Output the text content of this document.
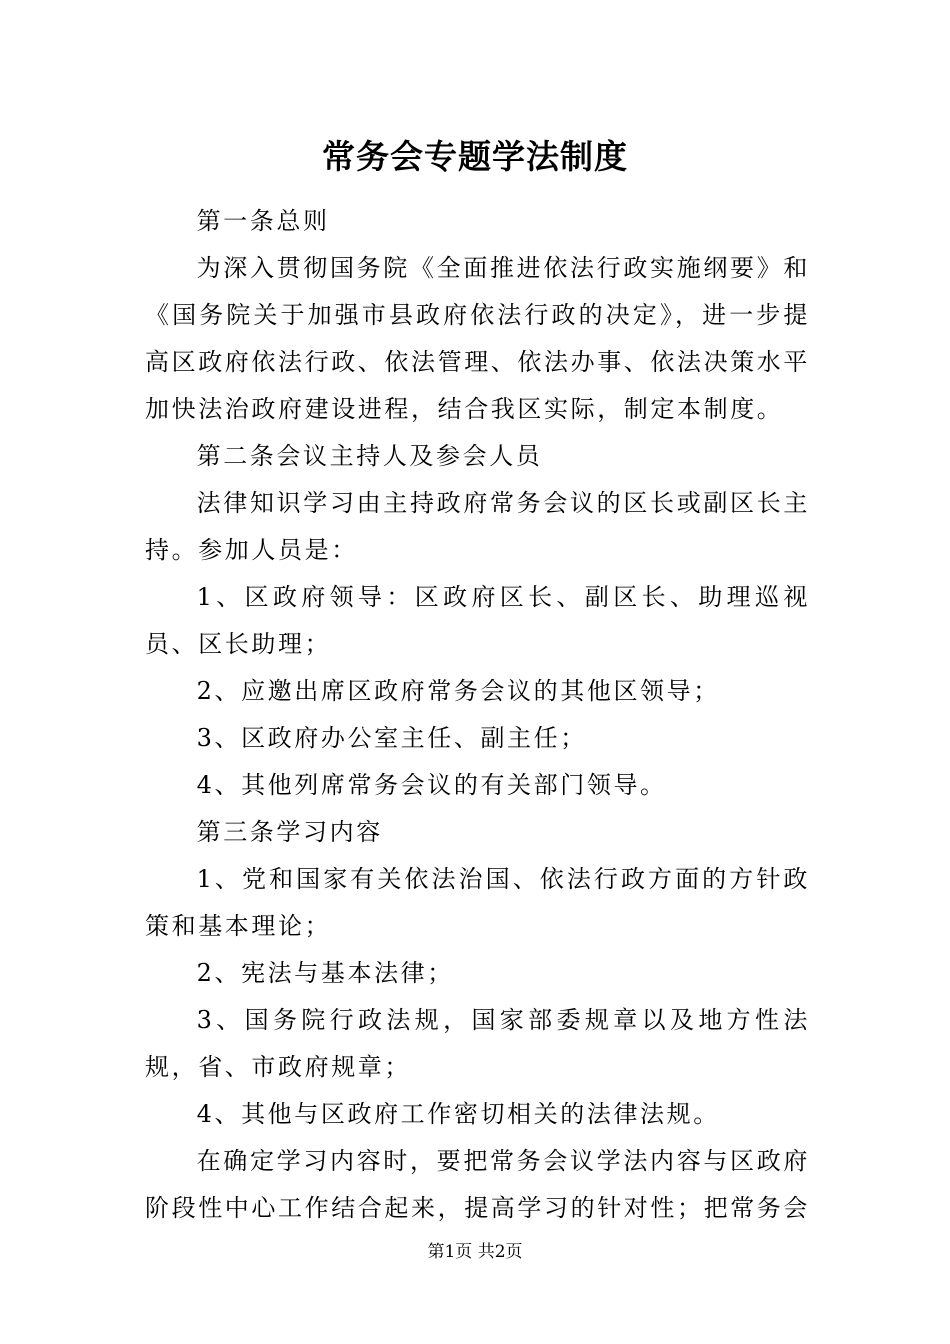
常务会专题学法制度

第一条总则

为深入贯彻国务院《全面推进依法行政实施纲要》和《国务院关于加强市县政府依法行政的决定》，进一步提高区政府依法行政、依法管理、依法办事、依法决策水平加快法治政府建设进程，结合我区实际，制定本制度。

第二条会议主持人及参会人员

法律知识学习由主持政府常务会议的区长或副区长主持。参加人员是：

1、区政府领导：区政府区长、副区长、助理巡视员、区长助理；

2、应邀出席区政府常务会议的其他区领导；

3、区政府办公室主任、副主任；

4、其他列席常务会议的有关部门领导。

第三条学习内容

1、党和国家有关依法治国、依法行政方面的方针政策和基本理论；

2、宪法与基本法律；

3、国务院行政法规，国家部委规章以及地方性法规，省、市政府规章；

4、其他与区政府工作密切相关的法律法规。

在确定学习内容时，要把常务会议学法内容与区政府阶段性中心工作结合起来，提高学习的针对性；把常务会

第1页 共2页
